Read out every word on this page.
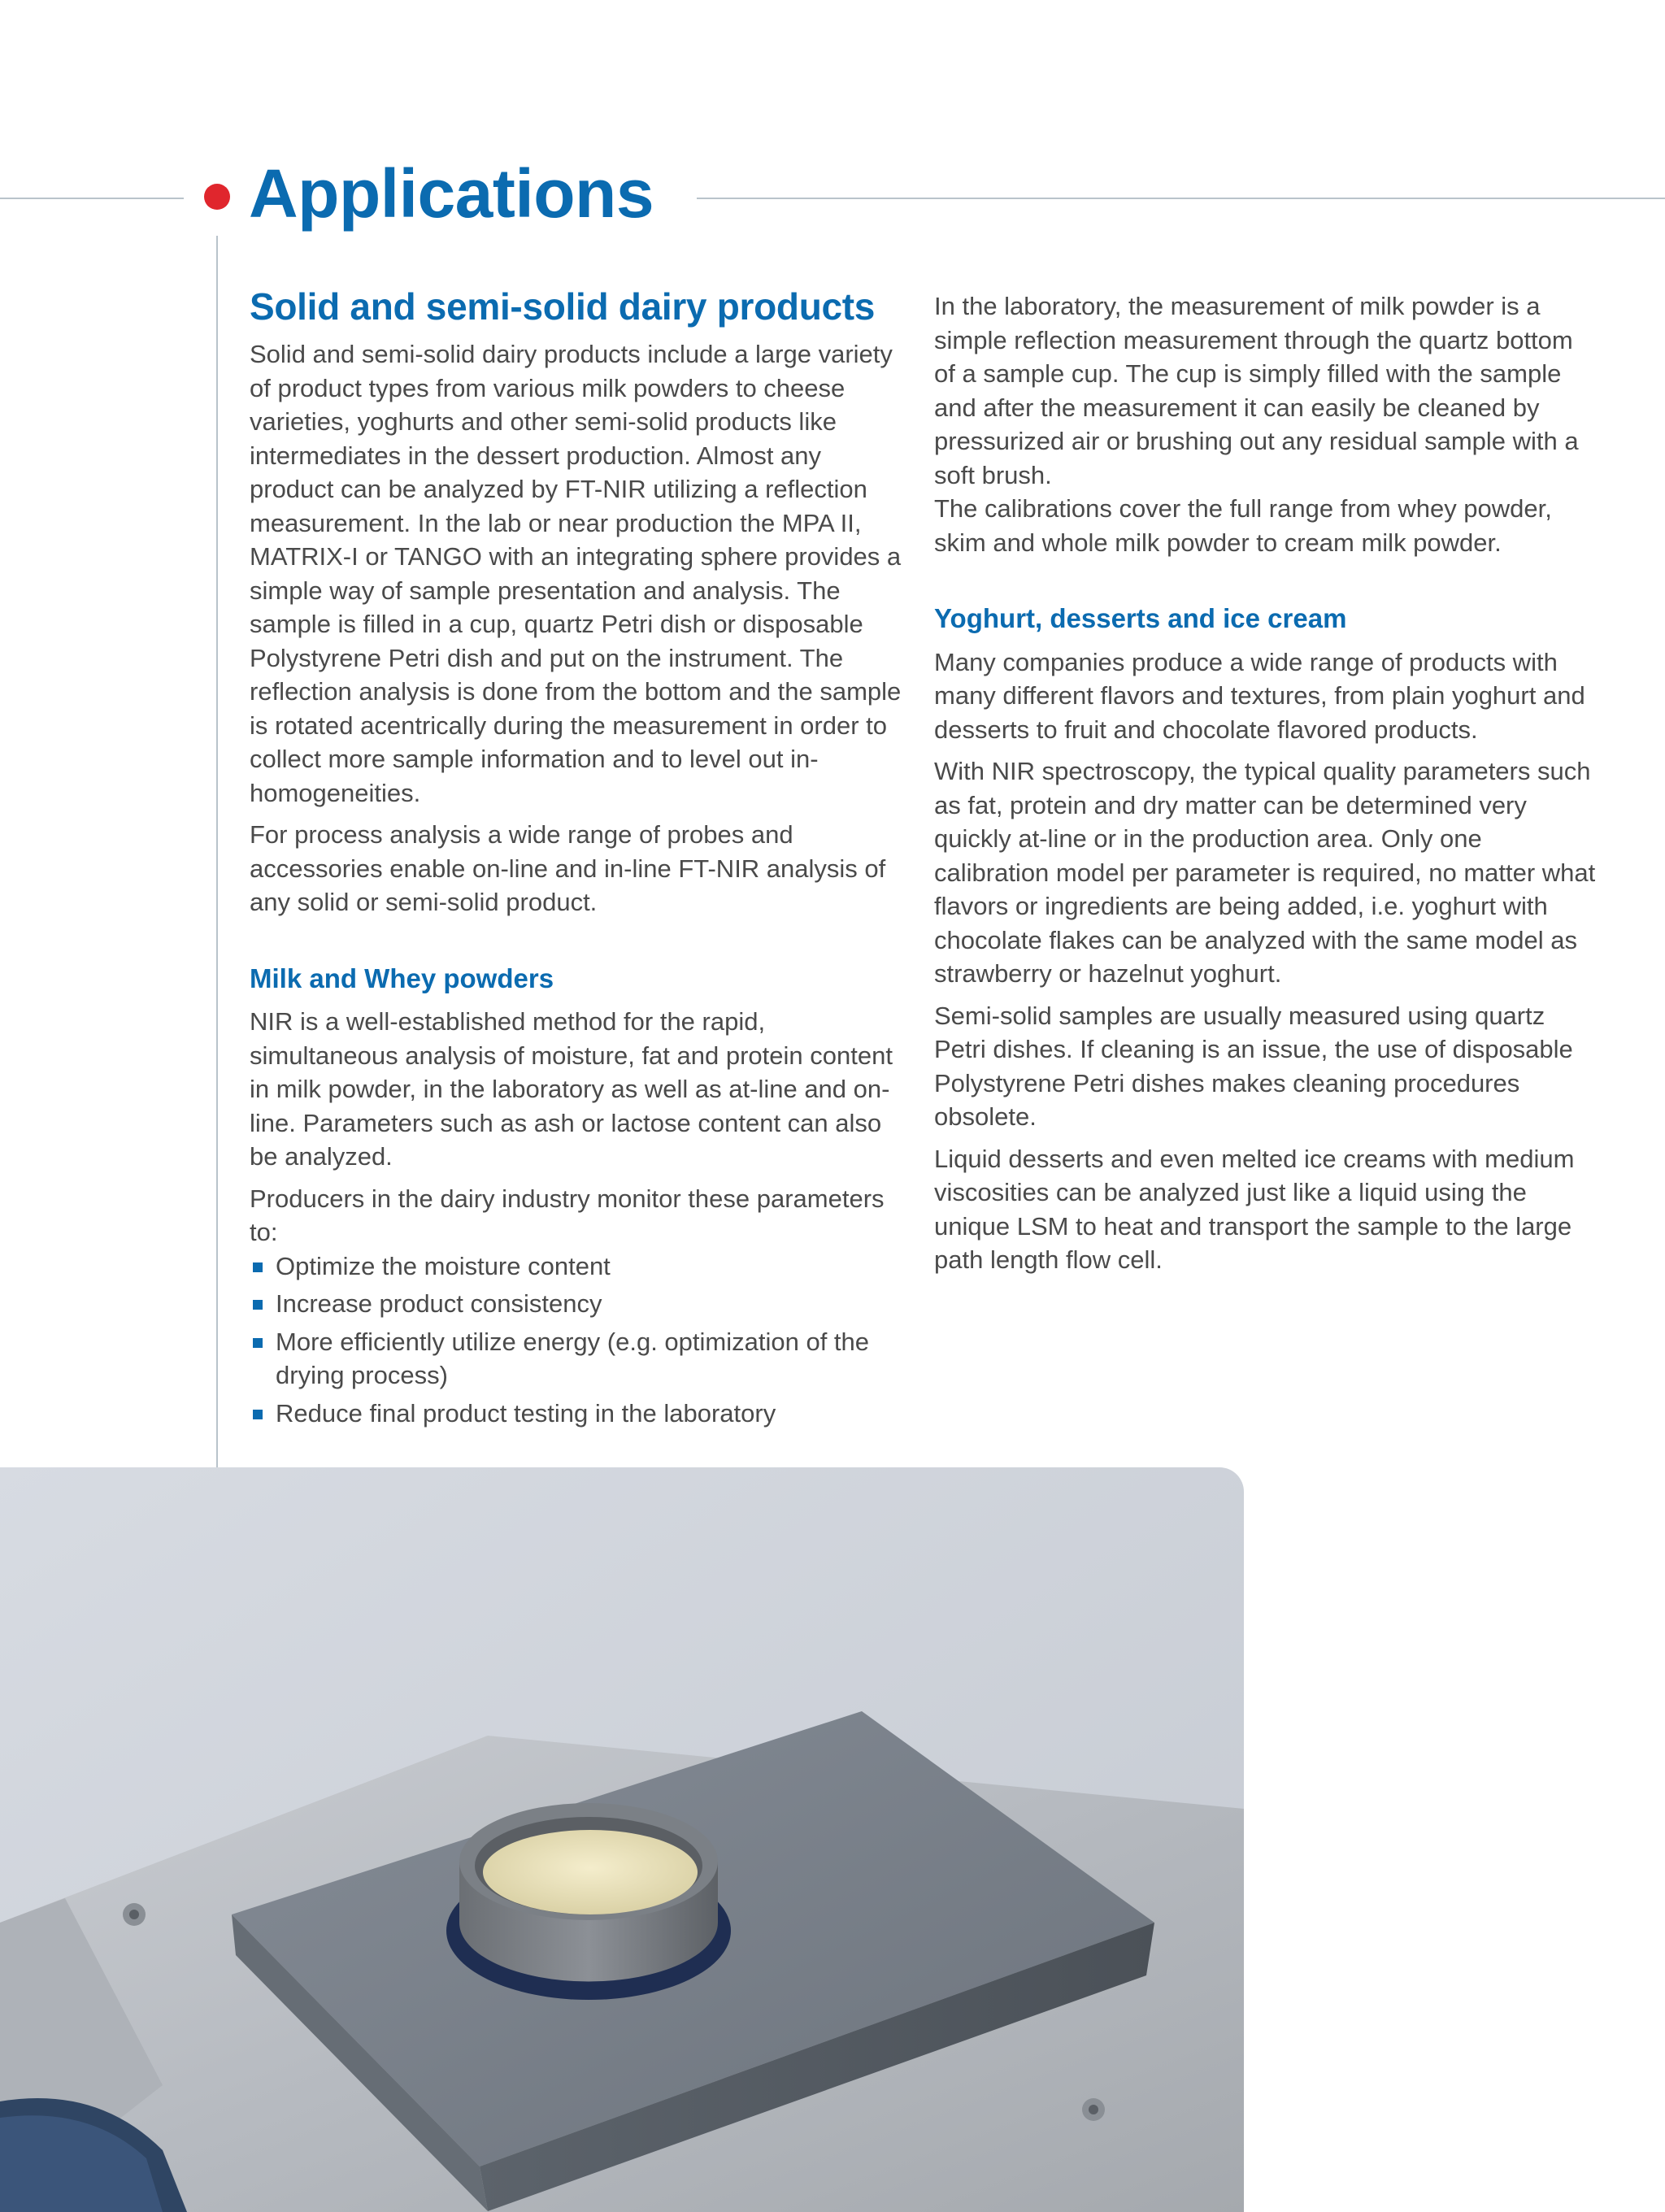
Applications
Solid and semi-solid dairy products

Solid and semi-solid dairy products include a large variety of product types from various milk powders to cheese varieties, yoghurts and other semi-solid products like intermediates in the dessert production. Almost any product can be analyzed by FT-NIR utilizing a reflection measurement. In the lab or near production the MPA II, MATRIX-I or TANGO with an integrating sphere provides a simple way of sample presentation and analysis. The sample is filled in a cup, quartz Petri dish or disposable Polystyrene Petri dish and put on the instrument. The reflection analysis is done from the bottom and the sample is rotated acentrically during the measurement in order to collect more sample information and to level out in-homogeneities.

For process analysis a wide range of probes and accessories enable on-line and in-line FT-NIR analysis of any solid or semi-solid product.

Milk and Whey powders

NIR is a well-established method for the rapid, simultaneous analysis of moisture, fat and protein content in milk powder, in the laboratory as well as at-line and on-line. Parameters such as ash or lactose content can also be analyzed.

Producers in the dairy industry monitor these parameters to:

Optimize the moisture content
Increase product consistency
More efficiently utilize energy (e.g. optimization of the drying process)
Reduce final product testing in the laboratory

In the laboratory, the measurement of milk powder is a simple reflection measurement through the quartz bottom of a sample cup. The cup is simply filled with the sample and after the measurement it can easily be cleaned by pressurized air or brushing out any residual sample with a soft brush.

The calibrations cover the full range from whey powder, skim and whole milk powder to cream milk powder.

Yoghurt, desserts and ice cream

Many companies produce a wide range of products with many different flavors and textures, from plain yoghurt and desserts to fruit and chocolate flavored products.

With NIR spectroscopy, the typical quality parameters such as fat, protein and dry matter can be determined very quickly at-line or in the production area. Only one calibration model per parameter is required, no matter what flavors or ingredients are being added, i.e. yoghurt with chocolate flakes can be analyzed with the same model as strawberry or hazelnut yoghurt.

Semi-solid samples are usually measured using quartz Petri dishes. If cleaning is an issue, the use of disposable Polystyrene Petri dishes makes cleaning procedures obsolete.

Liquid desserts and even melted ice creams with medium viscosities can be analyzed just like a liquid using the unique LSM to heat and transport the sample to the large path length flow cell.
